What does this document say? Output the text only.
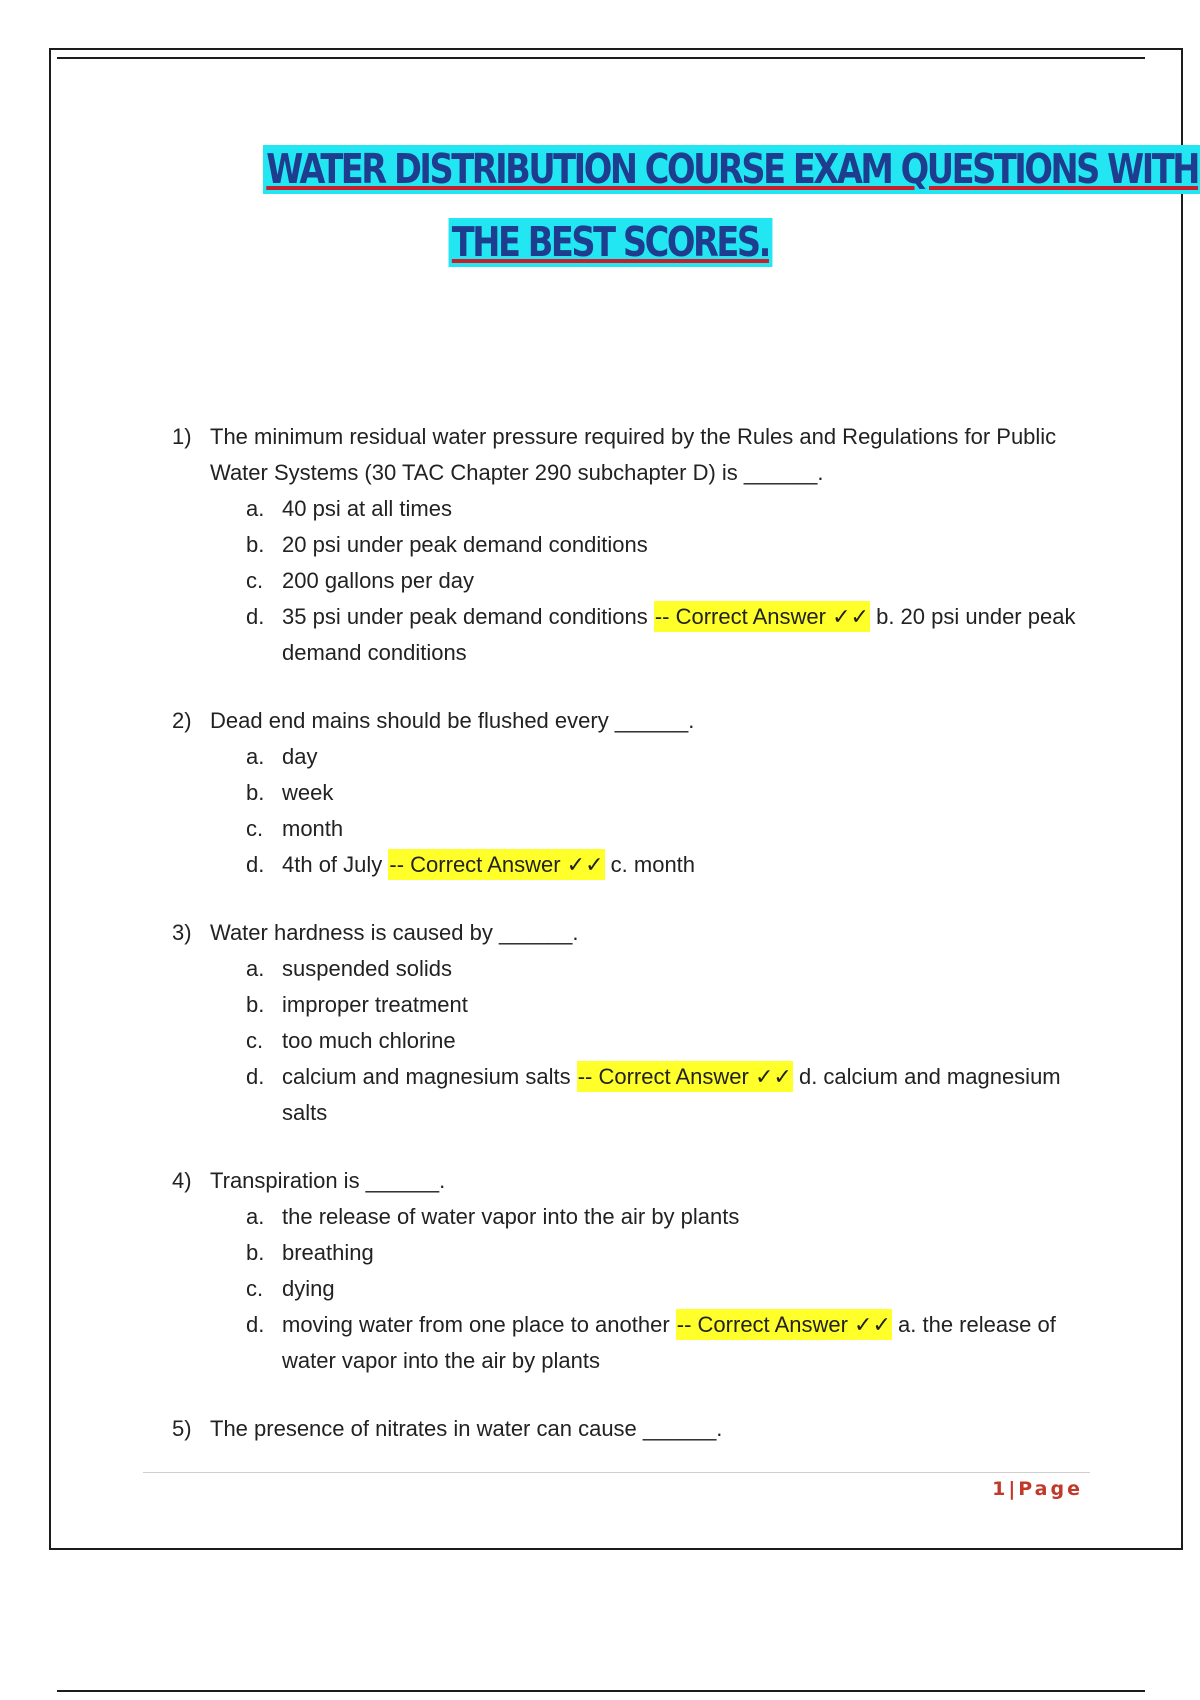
WATER DISTRIBUTION COURSE EXAM QUESTIONS WITH
THE BEST SCORES.
1) The minimum residual water pressure required by the Rules and Regulations for Public Water Systems (30 TAC Chapter 290 subchapter D) is ______.
a. 40 psi at all times
b. 20 psi under peak demand conditions
c. 200 gallons per day
d. 35 psi under peak demand conditions -- Correct Answer ✓✓ b. 20 psi under peak demand conditions
2) Dead end mains should be flushed every ______.
a. day
b. week
c. month
d. 4th of July -- Correct Answer ✓✓ c. month
3) Water hardness is caused by ______.
a. suspended solids
b. improper treatment
c. too much chlorine
d. calcium and magnesium salts -- Correct Answer ✓✓ d. calcium and magnesium salts
4) Transpiration is ______.
a. the release of water vapor into the air by plants
b. breathing
c. dying
d. moving water from one place to another -- Correct Answer ✓✓ a. the release of water vapor into the air by plants
5) The presence of nitrates in water can cause ______.
1|Page
